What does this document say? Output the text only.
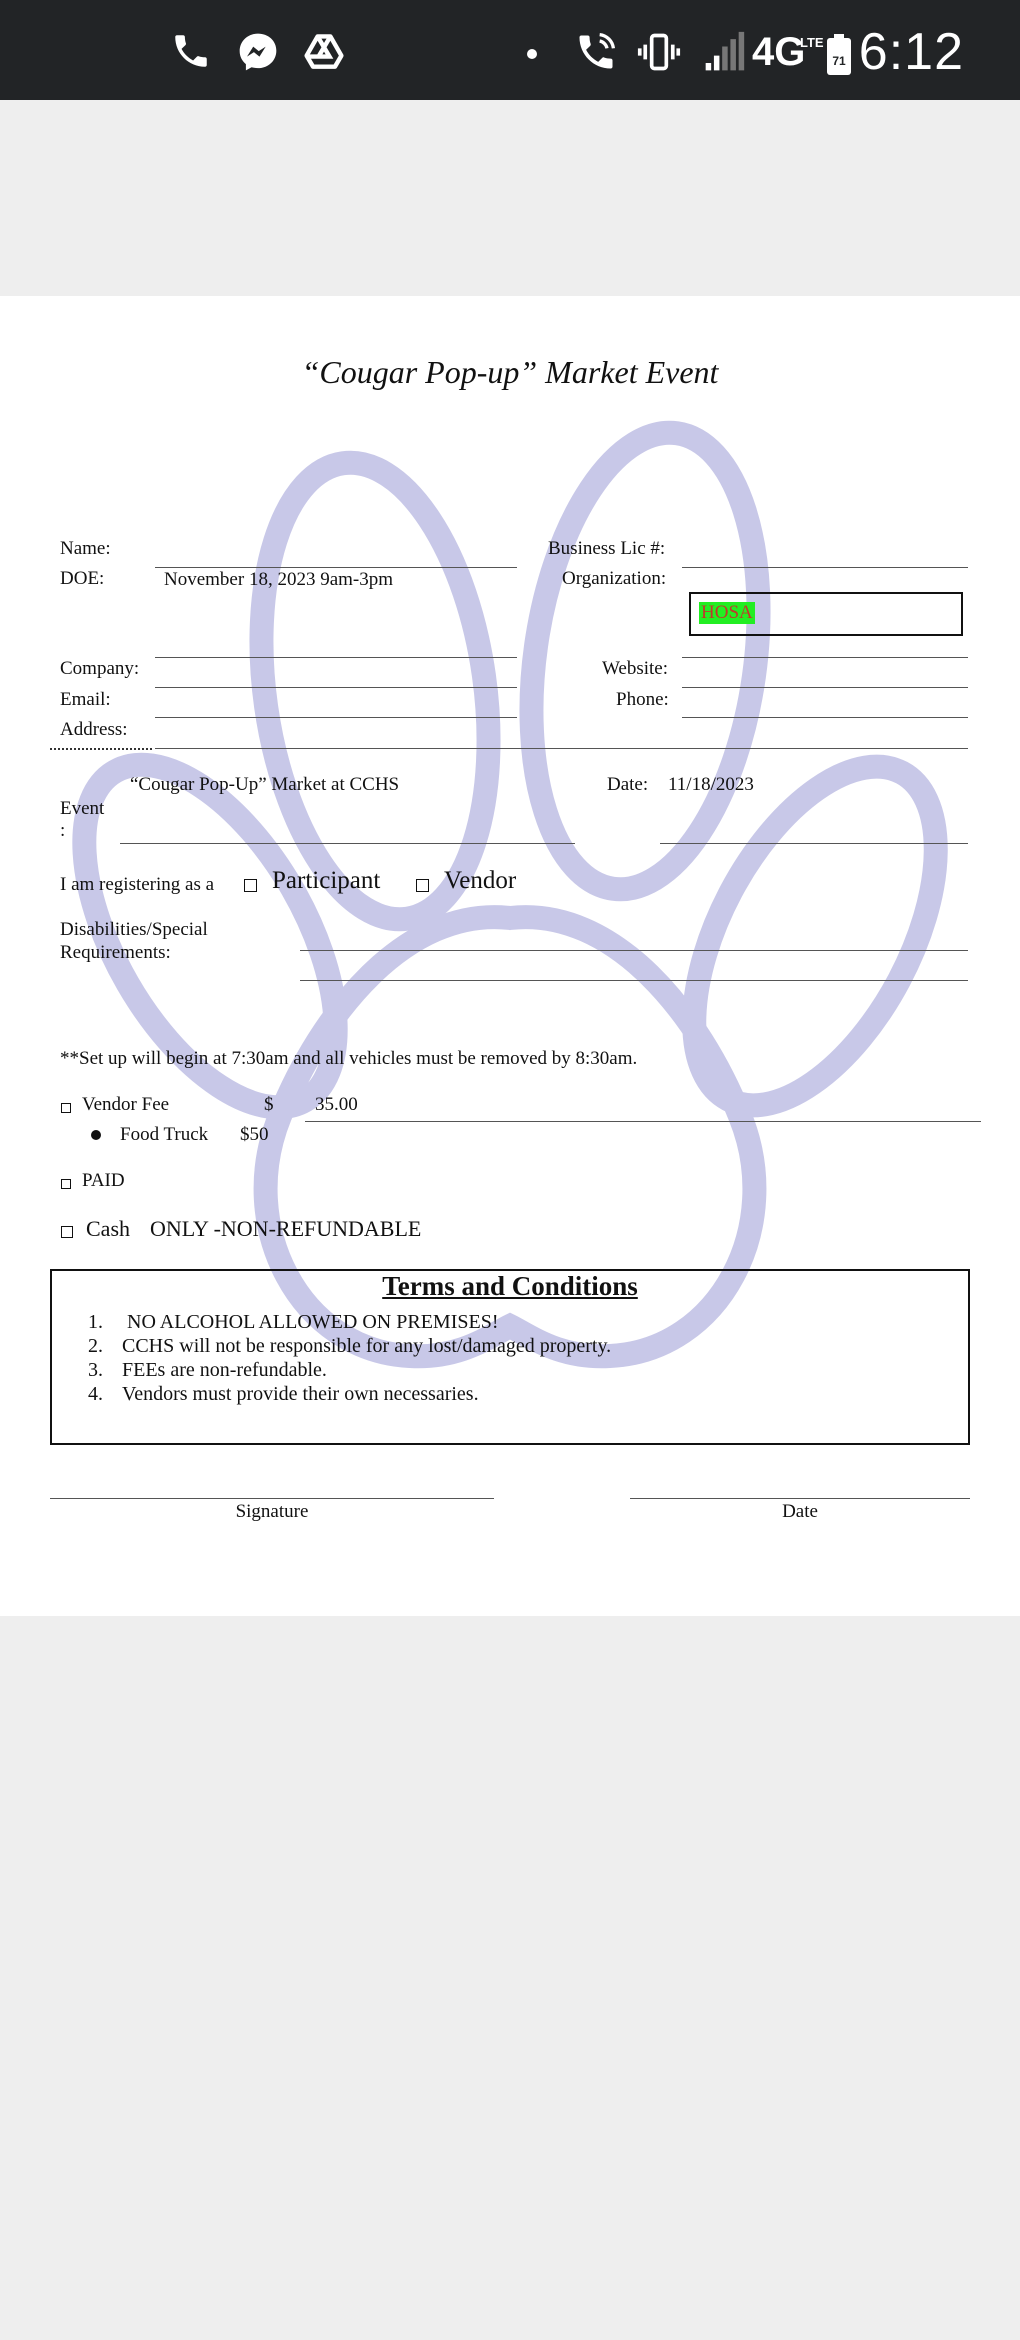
4G
LTE
71 6:12
“Cougar Pop-up” Market Event
Name:	Business Lic #:
DOE:	November 18, 2023 9am-3pm	Organization:
HOSA
Company:	Website:
Email:	Phone:
Address:
“Cougar Pop-Up” Market at CCHS
Event
:
Date: 11/18/2023
I am registering as a Participant	Vendor
Disabilities/Special
Requirements:
**Set up will begin at 7:30am and all vehicles must be removed by 8:30am.
Vendor Fee	$ 35.00
Food Truck $50
PAID
Cash ONLY -NON-REFUNDABLE
Terms and Conditions
1. NO ALCOHOL ALLOWED ON PREMISES!
2. CCHS will not be responsible for any lost/damaged property.
3. FEEs are non-refundable.
4. Vendors must provide their own necessaries.
Signature	Date
